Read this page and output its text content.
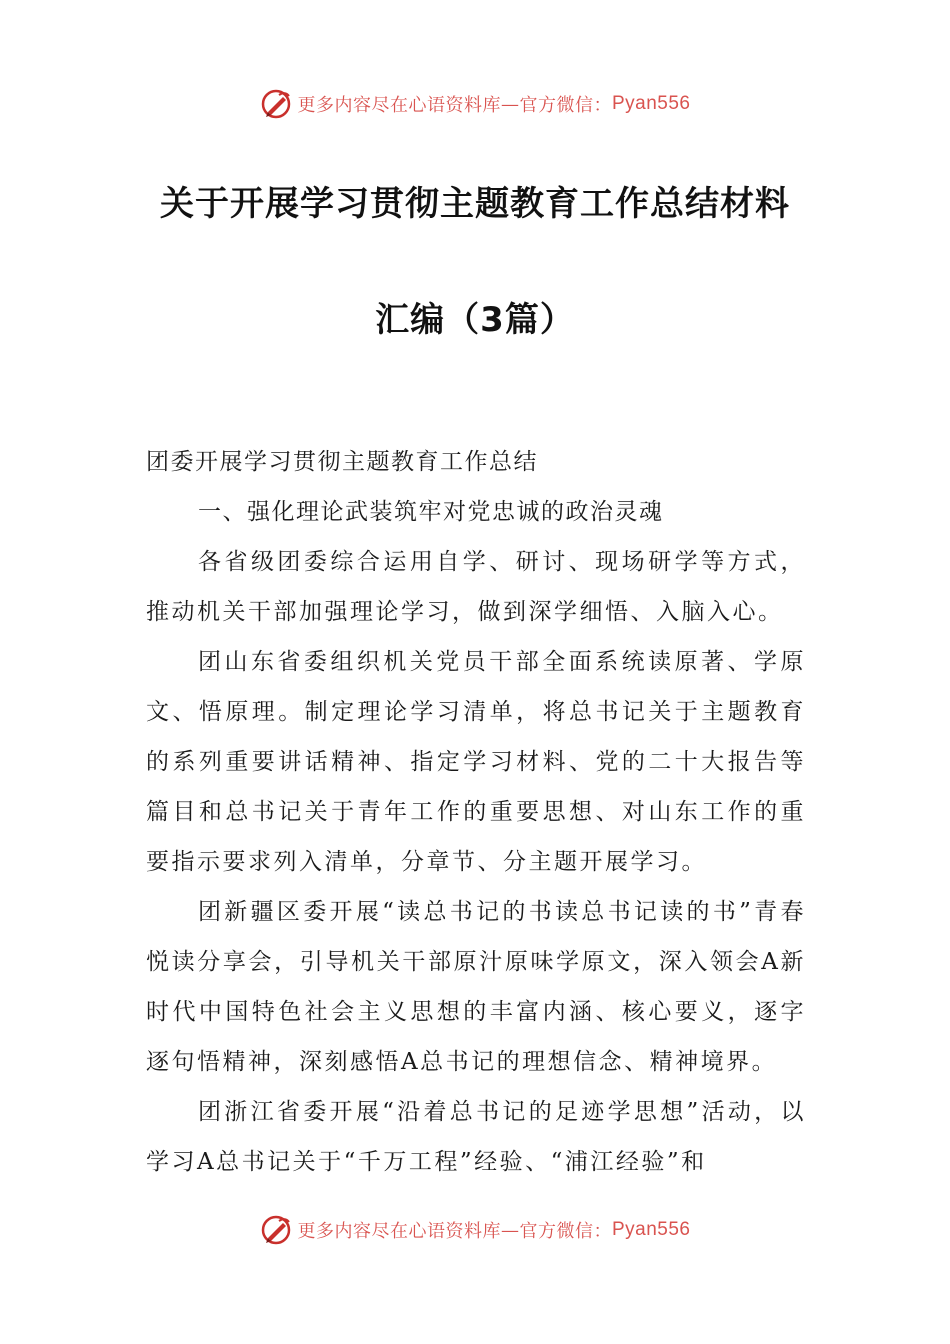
更多内容尽在心语资料库 — 官方微信： Pyan556
关于开展学习贯彻主题教育工作总结材料
汇编（3篇）

团委开展学习贯彻主题教育工作总结

一、强化理论武装筑牢对党忠诚的政治灵魂

各省级团委综合运用自学、研讨、现场研学等方式，推动机关干部加强理论学习，做到深学细悟、入脑入心。

团山东省委组织机关党员干部全面系统读原著、学原文、悟原理。制定理论学习清单，将总书记关于主题教育的系列重要讲话精神、指定学习材料、党的二十大报告等篇目和总书记关于青年工作的重要思想、对山东工作的重要指示要求列入清单，分章节、分主题开展学习。

团新疆区委开展“读总书记的书读总书记读的书”青春悦读分享会，引导机关干部原汁原味学原文，深入领会A新时代中国特色社会主义思想的丰富内涵、核心要义，逐字逐句悟精神，深刻感悟A总书记的理想信念、精神境界。

团浙江省委开展“沿着总书记的足迹学思想”活动，以学习A总书记关于“千万工程”经验、“浦江经验”和

更多内容尽在心语资料库 — 官方微信： Pyan556
